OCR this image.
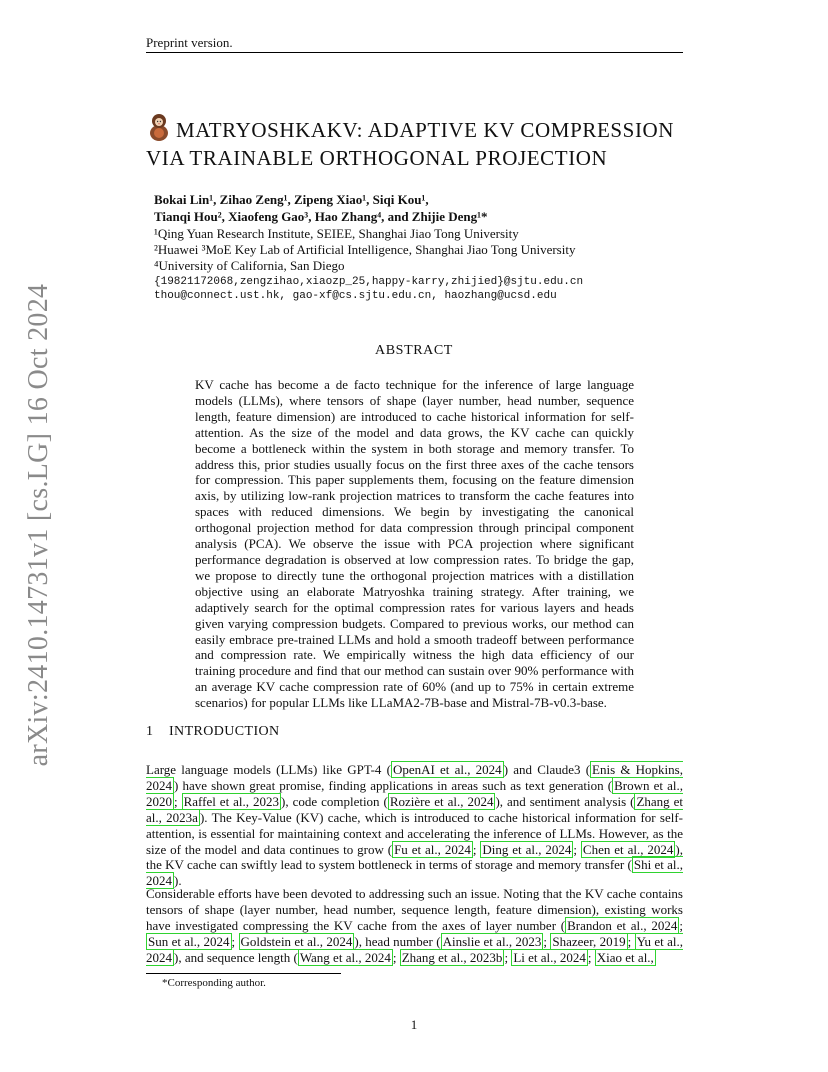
Preprint version.
arXiv:2410.14731v1 [cs.LG] 16 Oct 2024
MATRYOSHKAKV: ADAPTIVE KV COMPRESSION
VIA TRAINABLE ORTHOGONAL PROJECTION
Bokai Lin¹, Zihao Zeng¹, Zipeng Xiao¹, Siqi Kou¹,
Tianqi Hou², Xiaofeng Gao³, Hao Zhang⁴, and Zhijie Deng¹*
¹Qing Yuan Research Institute, SEIEE, Shanghai Jiao Tong University
²Huawei ³MoE Key Lab of Artificial Intelligence, Shanghai Jiao Tong University
⁴University of California, San Diego
{19821172068,zengzihao,xiaozp_25,happy-karry,zhijied}@sjtu.edu.cn
thou@connect.ust.hk, gao-xf@cs.sjtu.edu.cn, haozhang@ucsd.edu
ABSTRACT
KV cache has become a de facto technique for the inference of large language models (LLMs), where tensors of shape (layer number, head number, sequence length, feature dimension) are introduced to cache historical information for self-attention. As the size of the model and data grows, the KV cache can quickly become a bottleneck within the system in both storage and memory transfer. To address this, prior studies usually focus on the first three axes of the cache tensors for compression. This paper supplements them, focusing on the feature dimension axis, by utilizing low-rank projection matrices to transform the cache features into spaces with reduced dimensions. We begin by investigating the canonical orthogonal projection method for data compression through principal component analysis (PCA). We observe the issue with PCA projection where significant performance degradation is observed at low compression rates. To bridge the gap, we propose to directly tune the orthogonal projection matrices with a distillation objective using an elaborate Matryoshka training strategy. After training, we adaptively search for the optimal compression rates for various layers and heads given varying compression budgets. Compared to previous works, our method can easily embrace pre-trained LLMs and hold a smooth tradeoff between performance and compression rate. We empirically witness the high data efficiency of our training procedure and find that our method can sustain over 90% performance with an average KV cache compression rate of 60% (and up to 75% in certain extreme scenarios) for popular LLMs like LLaMA2-7B-base and Mistral-7B-v0.3-base.
1    INTRODUCTION
Large language models (LLMs) like GPT-4 ( OpenAI et al., 2024 ) and Claude3 ( Enis & Hopkins, 2024 ) have shown great promise, finding applications in areas such as text generation ( Brown et al., 2020 ; Raffel et al., 2023 ), code completion ( Rozière et al., 2024 ), and sentiment analysis ( Zhang et al., 2023a ). The Key-Value (KV) cache, which is introduced to cache historical information for self-attention, is essential for maintaining context and accelerating the inference of LLMs. However, as the size of the model and data continues to grow ( Fu et al., 2024 ; Ding et al., 2024 ; Chen et al., 2024 ), the KV cache can swiftly lead to system bottleneck in terms of storage and memory transfer ( Shi et al., 2024 ).
Considerable efforts have been devoted to addressing such an issue. Noting that the KV cache contains tensors of shape (layer number, head number, sequence length, feature dimension), existing works have investigated compressing the KV cache from the axes of layer number ( Brandon et al., 2024 ; Sun et al., 2024 ; Goldstein et al., 2024 ), head number ( Ainslie et al., 2023 ; Shazeer, 2019 ; Yu et al., 2024 ), and sequence length ( Wang et al., 2024 ; Zhang et al., 2023b ; Li et al., 2024 ; Xiao et al.,
*Corresponding author.
1
